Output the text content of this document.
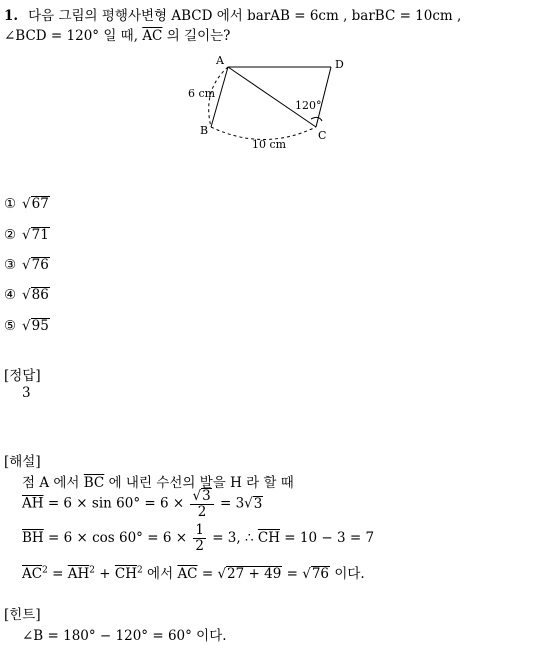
1. 다음 그림의 평행사변형 ABCD 에서 barAB = 6cm , barBC = 10cm ,
∠BCD = 120° 일 때, $\overline{AC}$ 의 길이는?
A
B	C
D
6 cm
10 cm
120°
① √67
② √71
③ √76
④ √86
⑤ √95
[정답]
3
[해설]
점 A 에서 $\overline{BC}$ 에 내린 수선의 발을 H 라 할 때
$\overline{AH} = 6 \times \sin 60^\circ = 6 \times \frac{√3}{2} = 3√3$
$\overline{BH} = 6 \times \cos 60^\circ = 6 \times \frac{1}{2} = 3$, ∴ $\overline{CH} = 10 - 3 = 7$
$\overline{AC}^2 = \overline{AH}^2 + \overline{CH}^2$ 에서 $\overline{AC} = √27 + 49 = √76$ 이다.
[힌트]
∠B = 180° − 120° = 60° 이다.
